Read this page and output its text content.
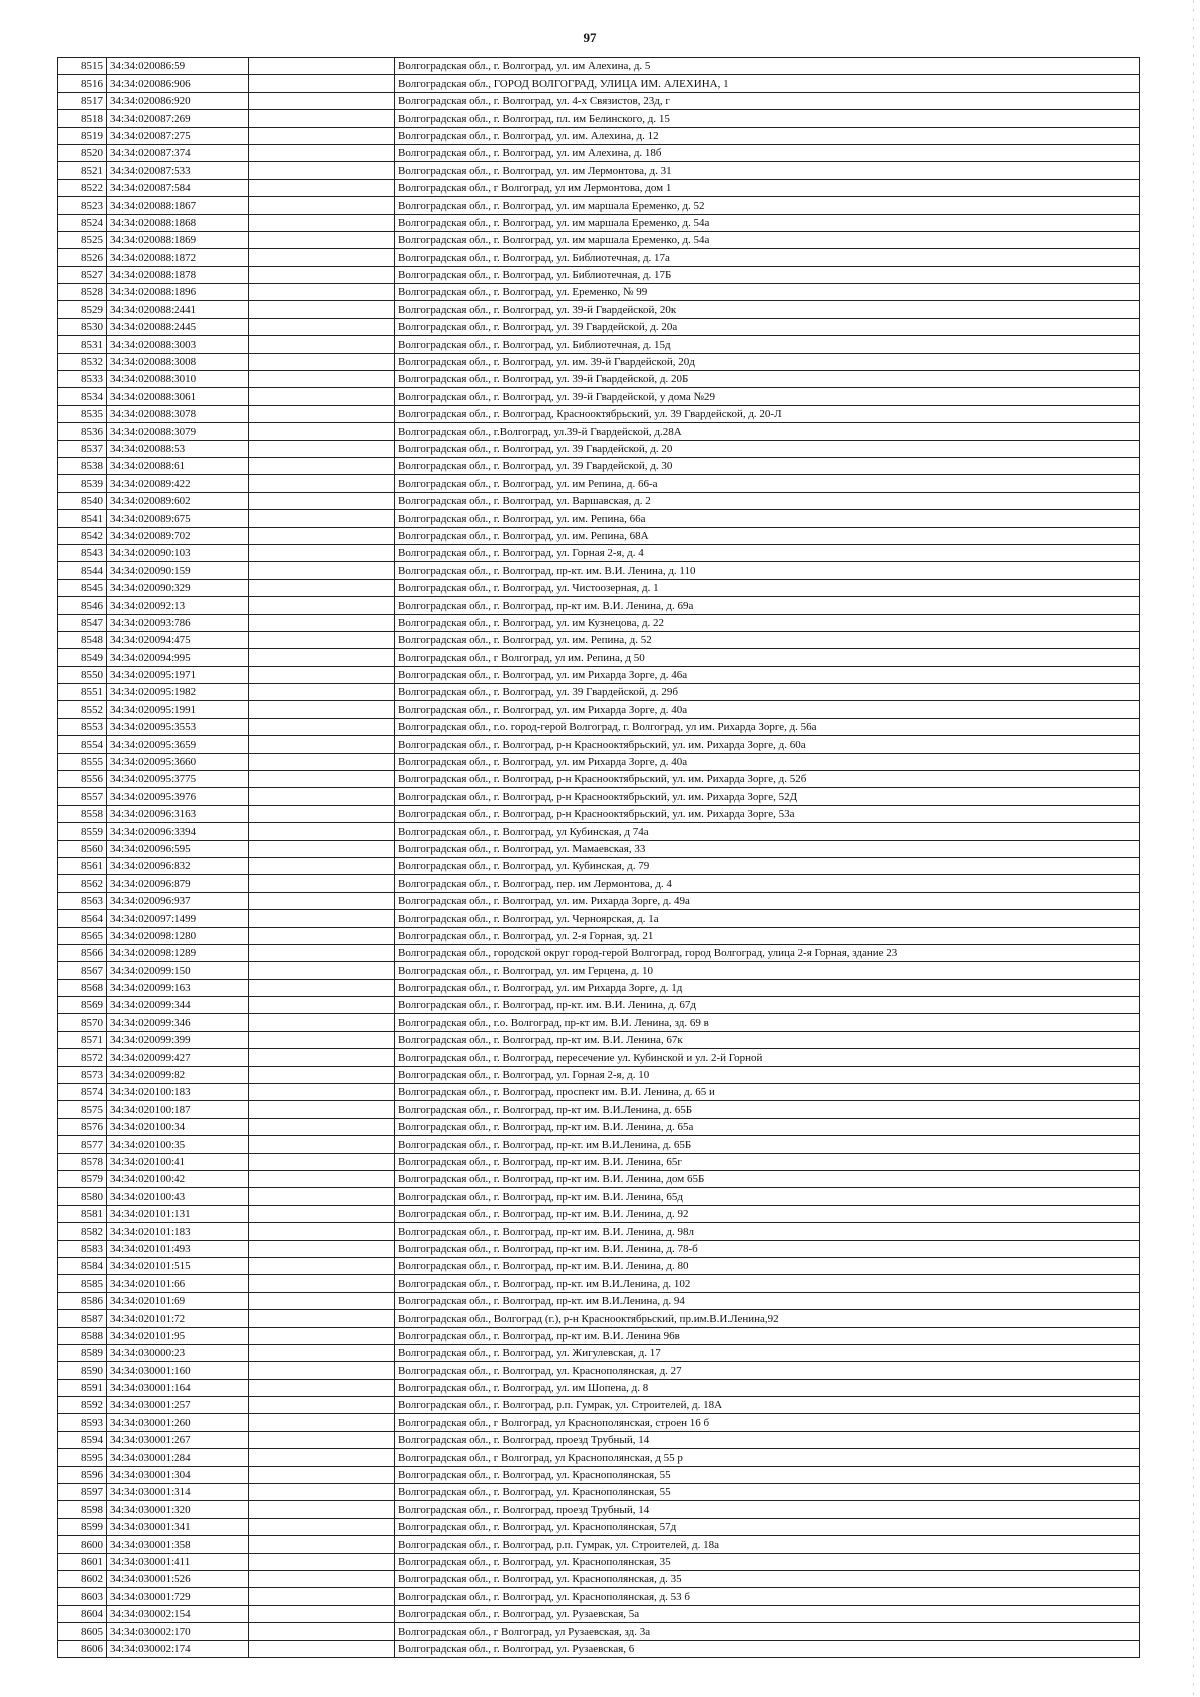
97
8515	34:34:020086:59		Волгоградская обл., г. Волгоград, ул. им Алехина, д. 5
8516	34:34:020086:906		Волгоградская обл., ГОРОД ВОЛГОГРАД, УЛИЦА ИМ. АЛЕХИНА, 1
8517	34:34:020086:920		Волгоградская обл., г. Волгоград, ул. 4-х Связистов, 23д, г
8518	34:34:020087:269		Волгоградская обл., г. Волгоград, пл. им Белинского, д. 15
8519	34:34:020087:275		Волгоградская обл., г. Волгоград, ул. им. Алехина, д. 12
8520	34:34:020087:374		Волгоградская обл., г. Волгоград, ул. им Алехина, д. 18б
8521	34:34:020087:533		Волгоградская обл., г. Волгоград, ул. им Лермонтова, д. 31
8522	34:34:020087:584		Волгоградская обл., г Волгоград, ул им Лермонтова, дом 1
8523	34:34:020088:1867		Волгоградская обл., г. Волгоград, ул. им маршала Еременко, д. 52
8524	34:34:020088:1868		Волгоградская обл., г. Волгоград, ул. им маршала Еременко, д. 54а
8525	34:34:020088:1869		Волгоградская обл., г. Волгоград, ул. им маршала Еременко, д. 54а
8526	34:34:020088:1872		Волгоградская обл., г. Волгоград, ул. Библиотечная, д. 17а
8527	34:34:020088:1878		Волгоградская обл., г. Волгоград, ул. Библиотечная, д. 17Б
8528	34:34:020088:1896		Волгоградская обл., г. Волгоград, ул. Еременко, № 99
8529	34:34:020088:2441		Волгоградская обл., г. Волгоград, ул. 39-й Гвардейской, 20к
8530	34:34:020088:2445		Волгоградская обл., г. Волгоград, ул. 39 Гвардейской, д. 20а
8531	34:34:020088:3003		Волгоградская обл., г. Волгоград, ул. Библиотечная, д. 15д
8532	34:34:020088:3008		Волгоградская обл., г. Волгоград, ул. им. 39-й Гвардейской, 20д
8533	34:34:020088:3010		Волгоградская обл., г. Волгоград, ул. 39-й Гвардейской, д. 20Б
8534	34:34:020088:3061		Волгоградская обл., г. Волгоград, ул. 39-й Гвардейской, у дома №29
8535	34:34:020088:3078		Волгоградская обл., г. Волгоград, Краснооктябрьский, ул. 39 Гвардейской, д. 20-Л
8536	34:34:020088:3079		Волгоградская обл., г.Волгоград, ул.39-й Гвардейской, д.28А
8537	34:34:020088:53		Волгоградская обл., г. Волгоград, ул. 39 Гвардейской, д. 20
8538	34:34:020088:61		Волгоградская обл., г. Волгоград, ул. 39 Гвардейской, д. 30
8539	34:34:020089:422		Волгоградская обл., г. Волгоград, ул. им Репина, д. 66-а
8540	34:34:020089:602		Волгоградская обл., г. Волгоград, ул. Варшавская, д. 2
8541	34:34:020089:675		Волгоградская обл., г. Волгоград, ул. им. Репина, 66а
8542	34:34:020089:702		Волгоградская обл., г. Волгоград, ул. им. Репина, 68А
8543	34:34:020090:103		Волгоградская обл., г. Волгоград, ул. Горная 2-я, д. 4
8544	34:34:020090:159		Волгоградская обл., г. Волгоград, пр-кт. им. В.И. Ленина, д. 110
8545	34:34:020090:329		Волгоградская обл., г. Волгоград, ул. Чистоозерная, д. 1
8546	34:34:020092:13		Волгоградская обл., г. Волгоград, пр-кт им. В.И. Ленина, д. 69а
8547	34:34:020093:786		Волгоградская обл., г. Волгоград, ул. им Кузнецова, д. 22
8548	34:34:020094:475		Волгоградская обл., г. Волгоград, ул. им. Репина, д. 52
8549	34:34:020094:995		Волгоградская обл., г Волгоград, ул им. Репина, д 50
8550	34:34:020095:1971		Волгоградская обл., г. Волгоград, ул. им Рихарда Зорге, д. 46а
8551	34:34:020095:1982		Волгоградская обл., г. Волгоград, ул. 39 Гвардейской, д. 29б
8552	34:34:020095:1991		Волгоградская обл., г. Волгоград, ул. им Рихарда Зорге, д. 40а
8553	34:34:020095:3553		Волгоградская обл., г.о. город-герой Волгоград, г. Волгоград, ул им. Рихарда Зорге, д. 56а
8554	34:34:020095:3659		Волгоградская обл., г. Волгоград, р-н Краснооктябрьский, ул. им. Рихарда Зорге, д. 60а
8555	34:34:020095:3660		Волгоградская обл., г. Волгоград, ул. им Рихарда Зорге, д. 40а
8556	34:34:020095:3775		Волгоградская обл., г. Волгоград, р-н Краснооктябрьский, ул. им. Рихарда Зорге, д. 52б
8557	34:34:020095:3976		Волгоградская обл., г. Волгоград, р-н Краснооктябрьский, ул. им. Рихарда Зорге, 52Д
8558	34:34:020096:3163		Волгоградская обл., г. Волгоград, р-н Краснооктябрьский, ул. им. Рихарда Зорге, 53а
8559	34:34:020096:3394		Волгоградская обл., г. Волгоград, ул Кубинская, д 74а
8560	34:34:020096:595		Волгоградская обл., г. Волгоград, ул. Мамаевская, 33
8561	34:34:020096:832		Волгоградская обл., г. Волгоград, ул. Кубинская, д. 79
8562	34:34:020096:879		Волгоградская обл., г. Волгоград, пер. им Лермонтова, д. 4
8563	34:34:020096:937		Волгоградская обл., г. Волгоград, ул. им. Рихарда Зорге, д. 49а
8564	34:34:020097:1499		Волгоградская обл., г. Волгоград, ул. Черноярская, д. 1а
8565	34:34:020098:1280		Волгоградская обл., г. Волгоград, ул. 2-я Горная, зд. 21
8566	34:34:020098:1289		Волгоградская обл., городской округ город-герой Волгоград, город Волгоград, улица 2-я Горная, здание 23
8567	34:34:020099:150		Волгоградская обл., г. Волгоград, ул. им Герцена, д. 10
8568	34:34:020099:163		Волгоградская обл., г. Волгоград, ул. им Рихарда Зорге, д. 1д
8569	34:34:020099:344		Волгоградская обл., г. Волгоград, пр-кт. им. В.И. Ленина, д. 67д
8570	34:34:020099:346		Волгоградская обл., г.о. Волгоград, пр-кт им. В.И. Ленина, зд. 69 в
8571	34:34:020099:399		Волгоградская обл., г. Волгоград, пр-кт им. В.И. Ленина, 67к
8572	34:34:020099:427		Волгоградская обл., г. Волгоград, пересечение ул. Кубинской и ул. 2-й Горной
8573	34:34:020099:82		Волгоградская обл., г. Волгоград, ул. Горная 2-я, д. 10
8574	34:34:020100:183		Волгоградская обл., г. Волгоград, проспект им. В.И. Ленина, д. 65 и
8575	34:34:020100:187		Волгоградская обл., г. Волгоград, пр-кт им. В.И.Ленина, д. 65Б
8576	34:34:020100:34		Волгоградская обл., г. Волгоград, пр-кт им. В.И. Ленина, д. 65а
8577	34:34:020100:35		Волгоградская обл., г. Волгоград, пр-кт. им В.И.Ленина, д. 65Б
8578	34:34:020100:41		Волгоградская обл., г. Волгоград, пр-кт им. В.И. Ленина, 65г
8579	34:34:020100:42		Волгоградская обл., г. Волгоград, пр-кт им. В.И. Ленина, дом 65Б
8580	34:34:020100:43		Волгоградская обл., г. Волгоград, пр-кт им. В.И. Ленина, 65д
8581	34:34:020101:131		Волгоградская обл., г. Волгоград, пр-кт им. В.И. Ленина, д. 92
8582	34:34:020101:183		Волгоградская обл., г. Волгоград, пр-кт им. В.И. Ленина, д. 98л
8583	34:34:020101:493		Волгоградская обл., г. Волгоград, пр-кт им. В.И. Ленина, д. 78-б
8584	34:34:020101:515		Волгоградская обл., г. Волгоград, пр-кт им. В.И. Ленина, д. 80
8585	34:34:020101:66		Волгоградская обл., г. Волгоград, пр-кт. им В.И.Ленина, д. 102
8586	34:34:020101:69		Волгоградская обл., г. Волгоград, пр-кт. им В.И.Ленина, д. 94
8587	34:34:020101:72		Волгоградская обл., Волгоград (г.), р-н Краснооктябрьский, пр.им.В.И.Ленина,92
8588	34:34:020101:95		Волгоградская обл., г. Волгоград, пр-кт им. В.И. Ленина 96в
8589	34:34:030000:23		Волгоградская обл., г. Волгоград, ул. Жигулевская, д. 17
8590	34:34:030001:160		Волгоградская обл., г. Волгоград, ул. Краснополянская, д. 27
8591	34:34:030001:164		Волгоградская обл., г. Волгоград, ул. им Шопена, д. 8
8592	34:34:030001:257		Волгоградская обл., г. Волгоград, р.п. Гумрак, ул. Строителей, д. 18А
8593	34:34:030001:260		Волгоградская обл., г Волгоград, ул Краснополянская, строен 16 б
8594	34:34:030001:267		Волгоградская обл., г. Волгоград, проезд Трубный, 14
8595	34:34:030001:284		Волгоградская обл., г Волгоград, ул Краснополянская, д 55 р
8596	34:34:030001:304		Волгоградская обл., г. Волгоград, ул. Краснополянская, 55
8597	34:34:030001:314		Волгоградская обл., г. Волгоград, ул. Краснополянская, 55
8598	34:34:030001:320		Волгоградская обл., г. Волгоград, проезд Трубный, 14
8599	34:34:030001:341		Волгоградская обл., г. Волгоград, ул. Краснополянская, 57д
8600	34:34:030001:358		Волгоградская обл., г. Волгоград, р.п. Гумрак, ул. Строителей, д. 18а
8601	34:34:030001:411		Волгоградская обл., г. Волгоград, ул. Краснополянская, 35
8602	34:34:030001:526		Волгоградская обл., г. Волгоград, ул. Краснополянская, д. 35
8603	34:34:030001:729		Волгоградская обл., г. Волгоград, ул. Краснополянская, д. 53 б
8604	34:34:030002:154		Волгоградская обл., г. Волгоград, ул. Рузаевская, 5а
8605	34:34:030002:170		Волгоградская обл., г Волгоград, ул Рузаевская, зд. 3а
8606	34:34:030002:174		Волгоградская обл., г. Волгоград, ул. Рузаевская, 6
